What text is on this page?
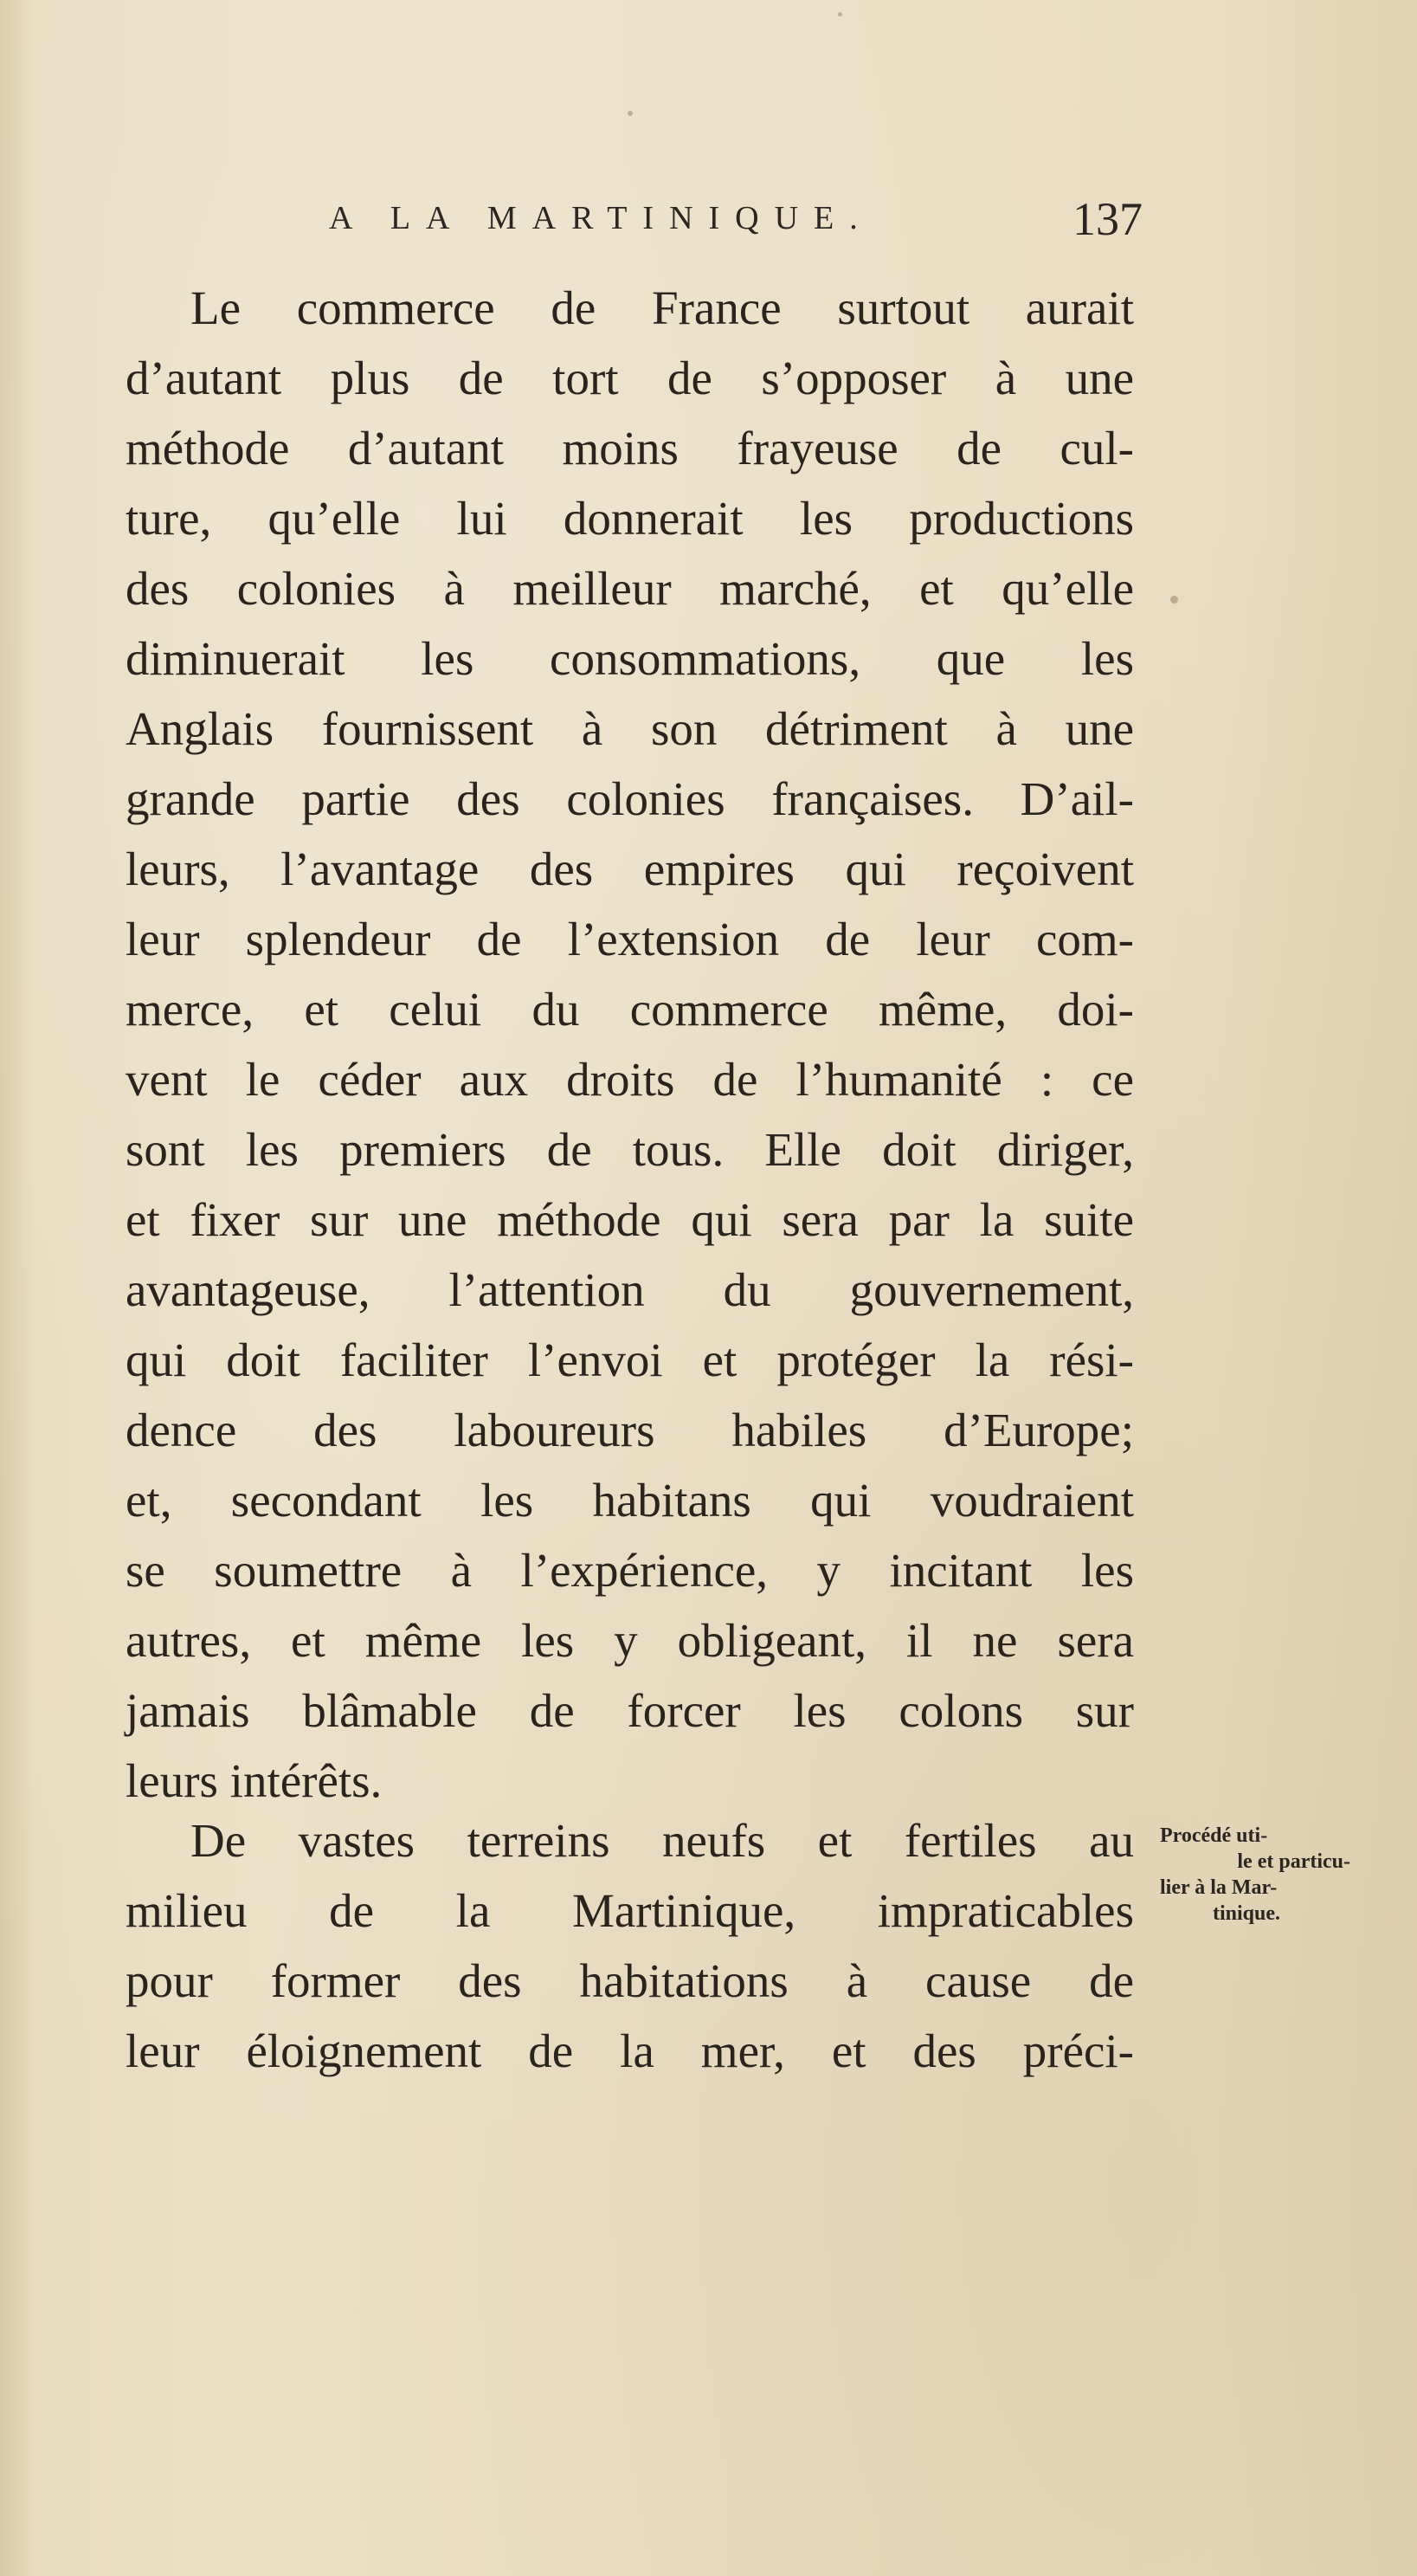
A LA MARTINIQUE.	137
Le commerce de France surtout aurait
d’autant plus de tort de s’opposer à une
méthode d’autant moins frayeuse de cul-
ture, qu’elle lui donnerait les productions
des colonies à meilleur marché, et qu’elle
diminuerait les consommations, que les
Anglais fournissent à son détriment à une
grande partie des colonies françaises. D’ail-
leurs, l’avantage des empires qui reçoivent
leur splendeur de l’extension de leur com-
merce, et celui du commerce même, doi-
vent le céder aux droits de l’humanité : ce
sont les premiers de tous. Elle doit diriger,
et fixer sur une méthode qui sera par la suite
avantageuse, l’attention du gouvernement,
qui doit faciliter l’envoi et protéger la rési-
dence des laboureurs habiles d’Europe;
et, secondant les habitans qui voudraient
se soumettre à l’expérience, y incitant les
autres, et même les y obligeant, il ne sera
jamais blâmable de forcer les colons sur
leurs intérêts.
De vastes terreins neufs et fertiles au
milieu de la Martinique, impraticables
pour former des habitations à cause de
leur éloignement de la mer, et des préci-
Procédé uti-
le et particu-
lier à la Mar-
tinique.
